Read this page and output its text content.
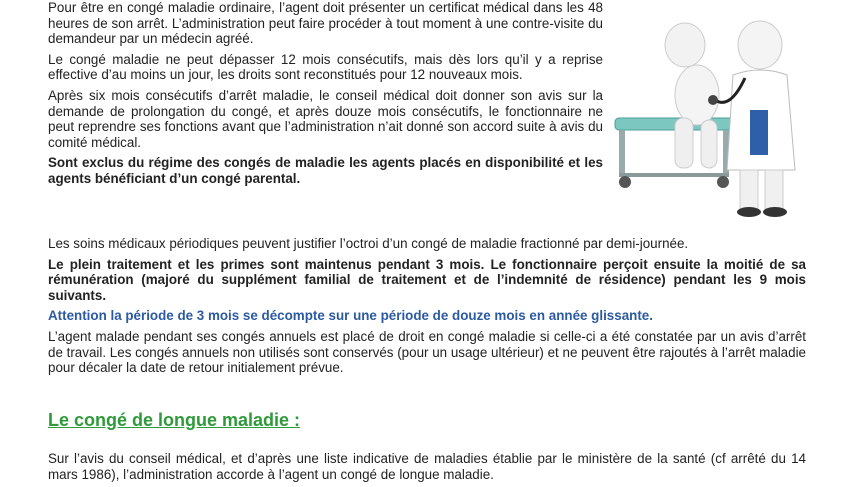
Pour être en congé maladie ordinaire, l’agent doit présenter un certificat médical dans les 48 heures de son arrêt. L’administration peut faire procéder à tout moment à une contre-visite du demandeur par un médecin agréé.

Le congé maladie ne peut dépasser 12 mois consécutifs, mais dès lors qu’il y a reprise effective d’au moins un jour, les droits sont reconstitués pour 12 nouveaux mois.

Après six mois consécutifs d’arrêt maladie, le conseil médical doit donner son avis sur la demande de prolongation du congé, et après douze mois consécutifs, le fonctionnaire ne peut reprendre ses fonctions avant que l’administration n’ait donné son accord suite à avis du comité médical.

Sont exclus du régime des congés de maladie les agents placés en disponibilité et les agents bénéficiant d’un congé parental.

Les soins médicaux périodiques peuvent justifier l’octroi d’un congé de maladie fractionné par demi-journée.

Le plein traitement et les primes sont maintenus pendant 3 mois. Le fonctionnaire perçoit ensuite la moitié de sa rémunération (majoré du supplément familial de traitement et de l’indemnité de résidence) pendant les 9 mois suivants.

Attention la période de 3 mois se décompte sur une période de douze mois en année glissante.

L’agent malade pendant ses congés annuels est placé de droit en congé maladie si celle-ci a été constatée par un avis d’arrêt de travail. Les congés annuels non utilisés sont conservés (pour un usage ultérieur) et ne peuvent être rajoutés à l’arrêt maladie pour décaler la date de retour initialement prévue.

Le congé de longue maladie :

Sur l’avis du conseil médical, et d’après une liste indicative de maladies établie par le ministère de la santé (cf arrêté du 14 mars 1986), l’administration accorde à l’agent un congé de longue maladie.
